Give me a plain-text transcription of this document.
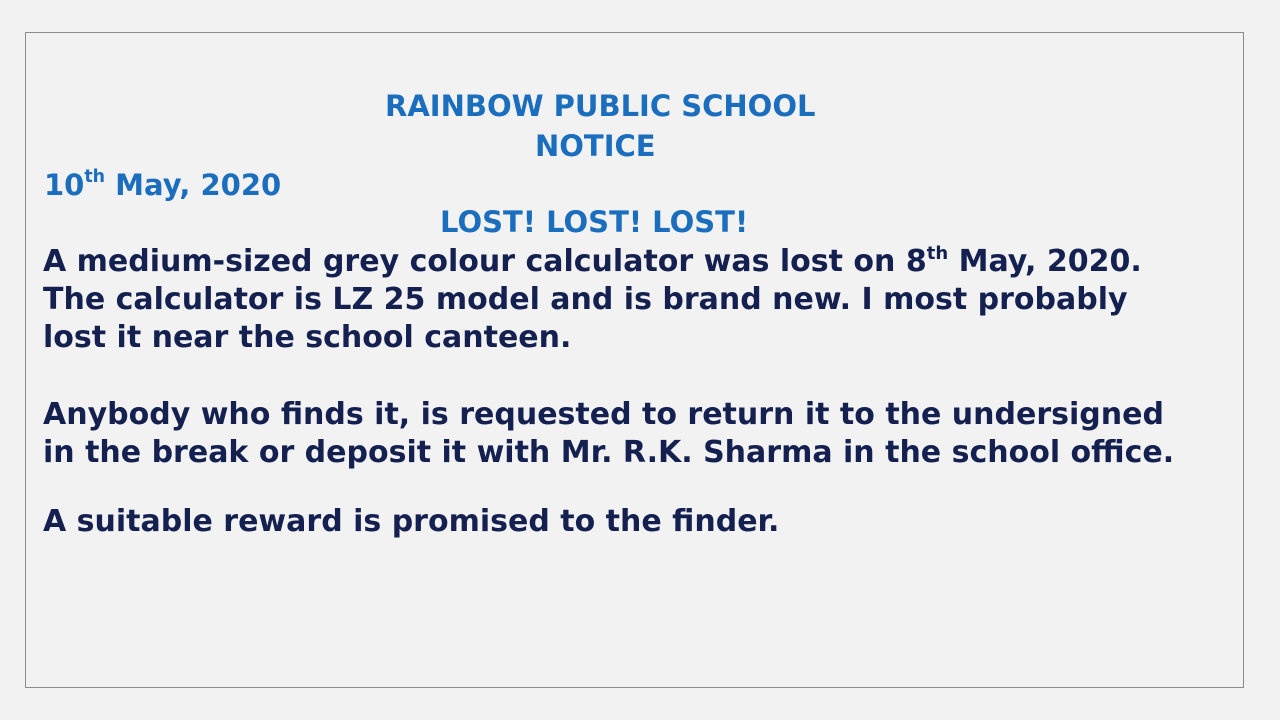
RAINBOW PUBLIC SCHOOL

NOTICE

10th May, 2020

LOST! LOST! LOST!

A medium-sized grey colour calculator was lost on 8th May, 2020.

The calculator is LZ 25 model and is brand new. I most probably

lost it near the school canteen.

Anybody who finds it, is requested to return it to the undersigned

in the break or deposit it with Mr. R.K. Sharma in the school office.

A suitable reward is promised to the finder.
